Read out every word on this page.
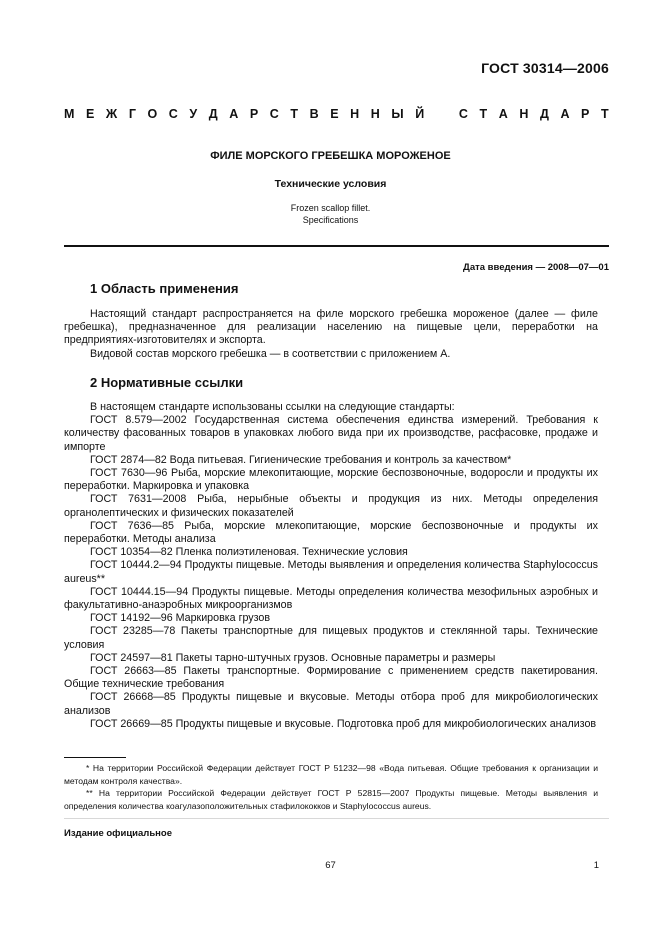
ГОСТ 30314—2006
М Е Ж Г О С У Д А Р С Т В Е Н Н Ы Й	С Т А Н Д А Р Т
ФИЛЕ МОРСКОГО ГРЕБЕШКА МОРОЖЕНОЕ
Технические условия
Frozen scallop fillet.
Specifications
Дата введения — 2008—07—01
1 Область применения

Настоящий стандарт распространяется на филе морского гребешка мороженое (далее — филе гребешка), предназначенное для реализации населению на пищевые цели, переработки на предприятиях-изготовителях и экспорта.

Видовой состав морского гребешка — в соответствии с приложением А.

2 Нормативные ссылки

В настоящем стандарте использованы ссылки на следующие стандарты:

ГОСТ 8.579—2002 Государственная система обеспечения единства измерений. Требования к количеству фасованных товаров в упаковках любого вида при их производстве, расфасовке, продаже и импорте

ГОСТ 2874—82 Вода питьевая. Гигиенические требования и контроль за качеством*

ГОСТ 7630—96 Рыба, морские млекопитающие, морские беспозвоночные, водоросли и продукты их переработки. Маркировка и упаковка

ГОСТ 7631—2008 Рыба, нерыбные объекты и продукция из них. Методы определения органолептических и физических показателей

ГОСТ 7636—85 Рыба, морские млекопитающие, морские беспозвоночные и продукты их переработки. Методы анализа

ГОСТ 10354—82 Пленка полиэтиленовая. Технические условия

ГОСТ 10444.2—94 Продукты пищевые. Методы выявления и определения количества Staphylococcus aureus**

ГОСТ 10444.15—94 Продукты пищевые. Методы определения количества мезофильных аэробных и факультативно-анаэробных микроорганизмов

ГОСТ 14192—96 Маркировка грузов

ГОСТ 23285—78 Пакеты транспортные для пищевых продуктов и стеклянной тары. Технические условия

ГОСТ 24597—81 Пакеты тарно-штучных грузов. Основные параметры и размеры

ГОСТ 26663—85 Пакеты транспортные. Формирование с применением средств пакетирования. Общие технические требования

ГОСТ 26668—85 Продукты пищевые и вкусовые. Методы отбора проб для микробиологических анализов

ГОСТ 26669—85 Продукты пищевые и вкусовые. Подготовка проб для микробиологических анализов

* На территории Российской Федерации действует ГОСТ Р 51232—98 «Вода питьевая. Общие требования к организации и методам контроля качества».

** На территории Российской Федерации действует ГОСТ Р 52815—2007 Продукты пищевые. Методы выявления и определения количества коагулазоположительных стафилококков и Staphylococcus aureus.

Издание официальное
67	1
